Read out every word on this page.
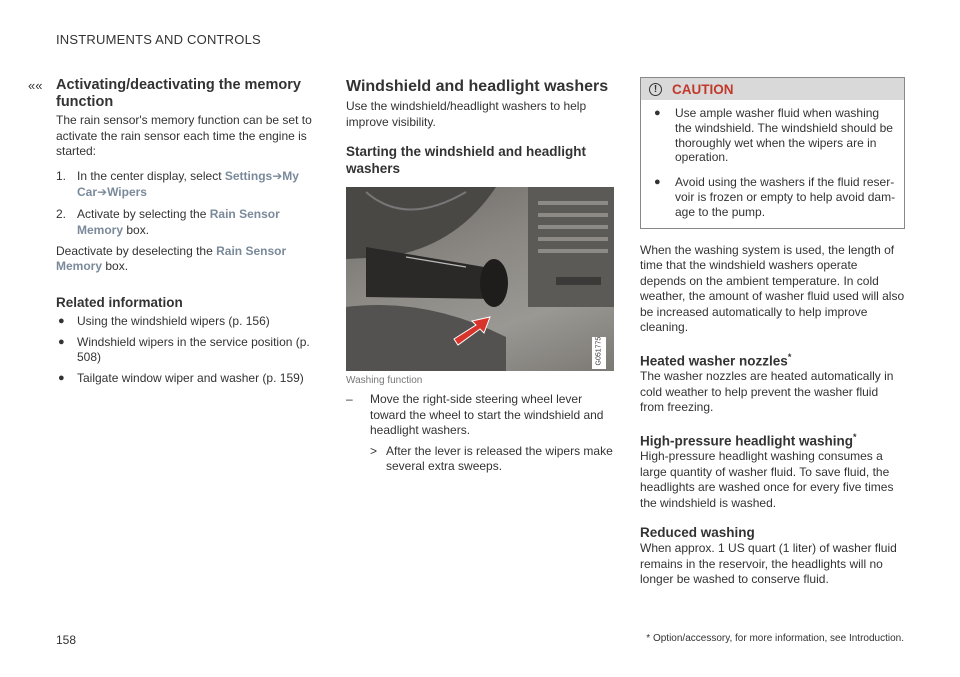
INSTRUMENTS AND CONTROLS
«« Activating/deactivating the memory function

The rain sensor's memory function can be set to activate the rain sensor each time the engine is started:

1. In the center display, select Settings➔My Car➔Wipers
2. Activate by selecting the Rain Sensor Memory box.

Deactivate by deselecting the Rain Sensor Memory box.

Related information
● Using the windshield wipers (p. 156)
● Windshield wipers in the service position (p. 508)
● Tailgate window wiper and washer (p. 159)
Windshield and headlight washers

Use the windshield/headlight washers to help improve visibility.

Starting the windshield and headlight washers
G051775
Washing function
– Move the right-side steering wheel lever toward the wheel to start the windshield and headlight washers.
> After the lever is released the wipers make several extra sweeps.
!	CAUTION
● Use ample washer fluid when washing the windshield. The windshield should be thoroughly wet when the wipers are in operation.
● Avoid using the washers if the fluid reser-voir is frozen or empty to help avoid dam-age to the pump.

When the washing system is used, the length of time that the windshield washers operate depends on the ambient temperature. In cold weather, the amount of washer fluid used will also be increased automatically to help improve cleaning.

Heated washer nozzles*

The washer nozzles are heated automatically in cold weather to help prevent the washer fluid from freezing.

High-pressure headlight washing*

High-pressure headlight washing consumes a large quantity of washer fluid. To save fluid, the headlights are washed once for every five times the windshield is washed.

Reduced washing

When approx. 1 US quart (1 liter) of washer fluid remains in the reservoir, the headlights will no longer be washed to conserve fluid.

158	* Option/accessory, for more information, see Introduction.
